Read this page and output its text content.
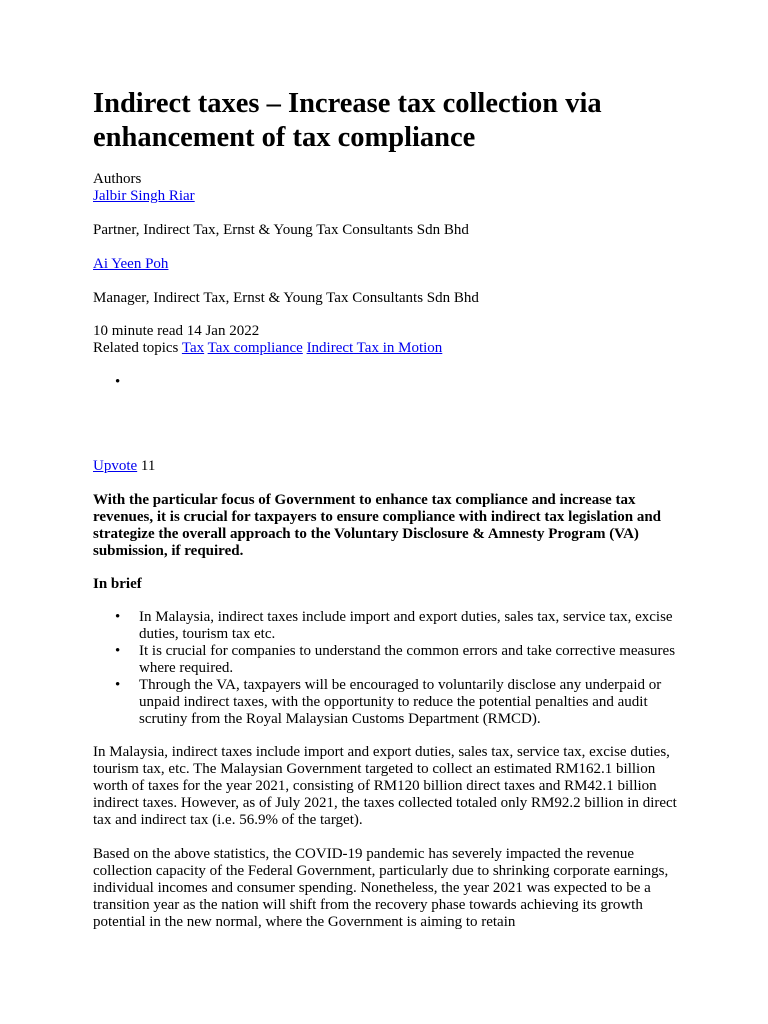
Indirect taxes – Increase tax collection via enhancement of tax compliance
Authors
Jalbir Singh Riar
Partner, Indirect Tax, Ernst & Young Tax Consultants Sdn Bhd
Ai Yeen Poh
Manager, Indirect Tax, Ernst & Young Tax Consultants Sdn Bhd
10 minute read 14 Jan 2022
Related topics Tax Tax compliance Indirect Tax in Motion
•
Upvote 11

With the particular focus of Government to enhance tax compliance and increase tax revenues, it is crucial for taxpayers to ensure compliance with indirect tax legislation and strategize the overall approach to the Voluntary Disclosure & Amnesty Program (VA) submission, if required.

In brief

• In Malaysia, indirect taxes include import and export duties, sales tax, service tax, excise duties, tourism tax etc.
• It is crucial for companies to understand the common errors and take corrective measures where required.
• Through the VA, taxpayers will be encouraged to voluntarily disclose any underpaid or unpaid indirect taxes, with the opportunity to reduce the potential penalties and audit scrutiny from the Royal Malaysian Customs Department (RMCD).

In Malaysia, indirect taxes include import and export duties, sales tax, service tax, excise duties, tourism tax, etc. The Malaysian Government targeted to collect an estimated RM162.1 billion worth of taxes for the year 2021, consisting of RM120 billion direct taxes and RM42.1 billion indirect taxes. However, as of July 2021, the taxes collected totaled only RM92.2 billion in direct tax and indirect tax (i.e. 56.9% of the target).

Based on the above statistics, the COVID-19 pandemic has severely impacted the revenue collection capacity of the Federal Government, particularly due to shrinking corporate earnings, individual incomes and consumer spending. Nonetheless, the year 2021 was expected to be a transition year as the nation will shift from the recovery phase towards achieving its growth potential in the new normal, where the Government is aiming to retain
